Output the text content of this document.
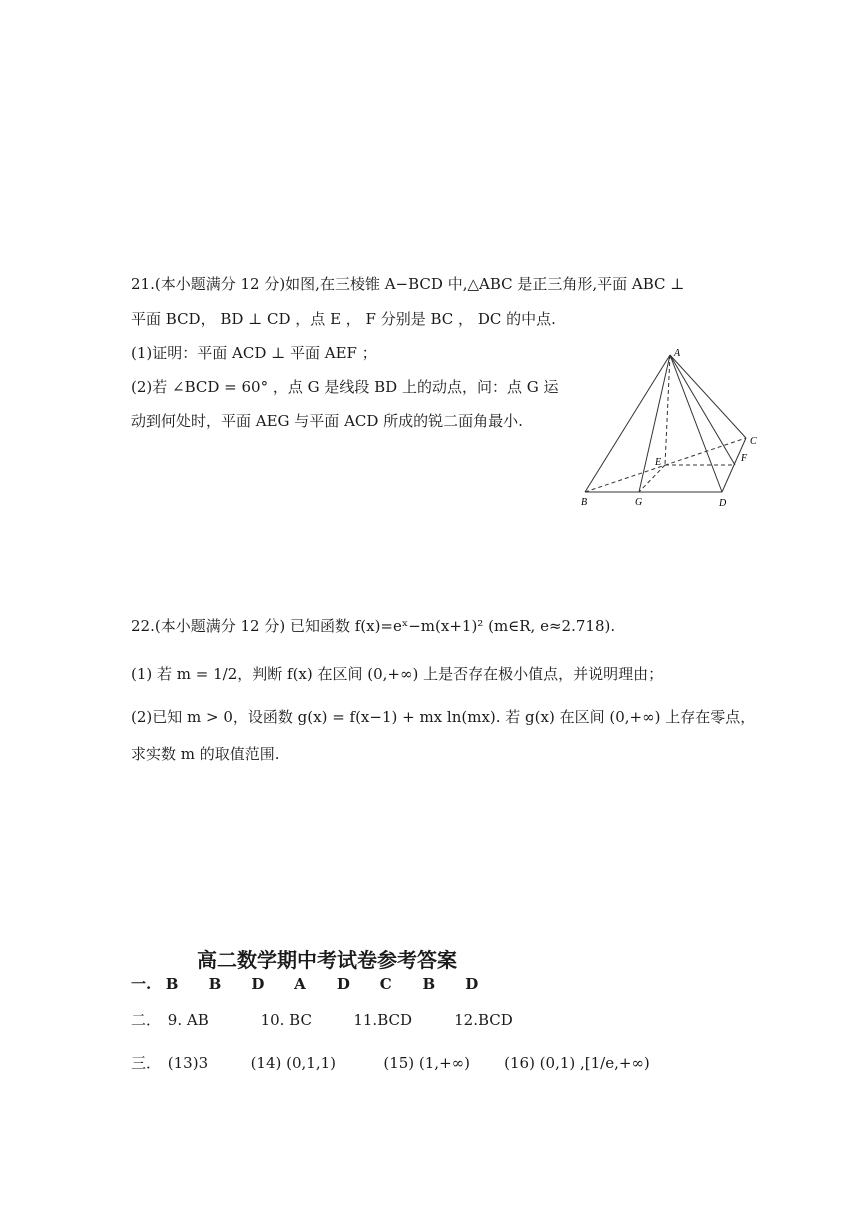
21.(本小题满分 12 分)如图,在三棱锥 A−BCD 中,△ABC 是正三角形,平面 ABC ⊥
平面 BCD， BD ⊥ CD ，点 E ， F 分别是 BC ， DC 的中点.
(1)证明：平面 ACD ⊥ 平面 AEF ；
(2)若 ∠BCD = 60° ，点 G 是线段 BD 上的动点，问：点 G 运
动到何处时，平面 AEG 与平面 ACD 所成的锐二面角最小.
A
B	G	D
C
F
E
22.(本小题满分 12 分) 已知函数 f(x)=eˣ−m(x+1)² (m∈R, e≈2.718).
(1) 若 m = 1/2，判断 f(x) 在区间 (0,+∞) 上是否存在极小值点，并说明理由；
(2)已知 m > 0，设函数 g(x) = f(x−1) + mx ln(mx). 若 g(x) 在区间 (0,+∞) 上存在零点，
求实数 m 的取值范围.
高二数学期中考试卷参考答案
一. B B D A D C B D
二． 9. AB	10. BC	11.BCD	12.BCD
三． (13)3	(14) (0,1,1)	(15) (1,+∞) (16) (0,1) ,[1/e,+∞)
